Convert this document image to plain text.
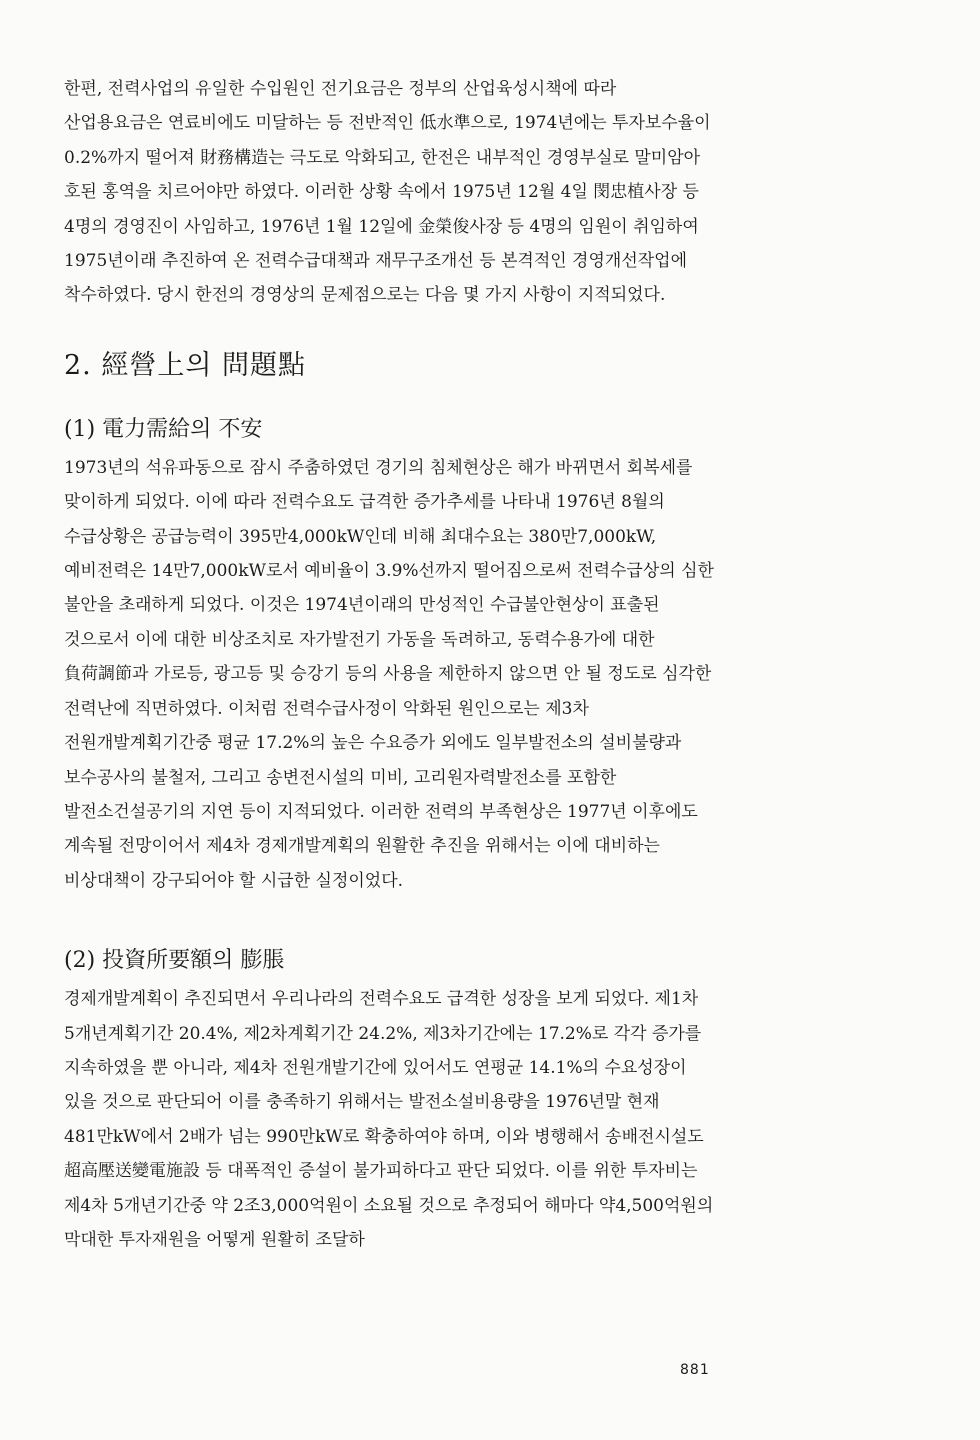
한편, 전력사업의 유일한 수입원인 전기요금은 정부의 산업육성시책에 따라 산업용요금은 연료비에도 미달하는 등 전반적인 低水準으로, 1974년에는 투자보수율이 0.2%까지 떨어져 財務構造는 극도로 악화되고, 한전은 내부적인 경영부실로 말미암아 호된 홍역을 치르어야만 하였다. 이러한 상황 속에서 1975년 12월 4일 閔忠植사장 등 4명의 경영진이 사임하고, 1976년 1월 12일에 金榮俊사장 등 4명의 임원이 취임하여 1975년이래 추진하여 온 전력수급대책과 재무구조개선 등 본격적인 경영개선작업에 착수하였다. 당시 한전의 경영상의 문제점으로는 다음 몇 가지 사항이 지적되었다.

2. 經營上의 問題點
(1) 電力需給의 不安

1973년의 석유파동으로 잠시 주춤하였던 경기의 침체현상은 해가 바뀌면서 회복세를 맞이하게 되었다. 이에 따라 전력수요도 급격한 증가추세를 나타내 1976년 8월의 수급상황은 공급능력이 395만4,000kW인데 비해 최대수요는 380만7,000kW, 예비전력은 14만7,000kW로서 예비율이 3.9%선까지 떨어짐으로써 전력수급상의 심한 불안을 초래하게 되었다. 이것은 1974년이래의 만성적인 수급불안현상이 표출된 것으로서 이에 대한 비상조치로 자가발전기 가동을 독려하고, 동력수용가에 대한 負荷調節과 가로등, 광고등 및 승강기 등의 사용을 제한하지 않으면 안 될 정도로 심각한 전력난에 직면하였다. 이처럼 전력수급사정이 악화된 원인으로는 제3차 전원개발계획기간중 평균 17.2%의 높은 수요증가 외에도 일부발전소의 설비불량과 보수공사의 불철저, 그리고 송변전시설의 미비, 고리원자력발전소를 포함한 발전소건설공기의 지연 등이 지적되었다. 이러한 전력의 부족현상은 1977년 이후에도 계속될 전망이어서 제4차 경제개발계획의 원활한 추진을 위해서는 이에 대비하는 비상대책이 강구되어야 할 시급한 실정이었다.

(2) 投資所要額의 膨脹

경제개발계획이 추진되면서 우리나라의 전력수요도 급격한 성장을 보게 되었다. 제1차 5개년계획기간 20.4%, 제2차계획기간 24.2%, 제3차기간에는 17.2%로 각각 증가를 지속하였을 뿐 아니라, 제4차 전원개발기간에 있어서도 연평균 14.1%의 수요성장이 있을 것으로 판단되어 이를 충족하기 위해서는 발전소설비용량을 1976년말 현재 481만kW에서 2배가 넘는 990만kW로 확충하여야 하며, 이와 병행해서 송배전시설도 超高壓送變電施設 등 대폭적인 증설이 불가피하다고 판단 되었다. 이를 위한 투자비는 제4차 5개년기간중 약 2조3,000억원이 소요될 것으로 추정되어 해마다 약4,500억원의 막대한 투자재원을 어떻게 원활히 조달하

881
